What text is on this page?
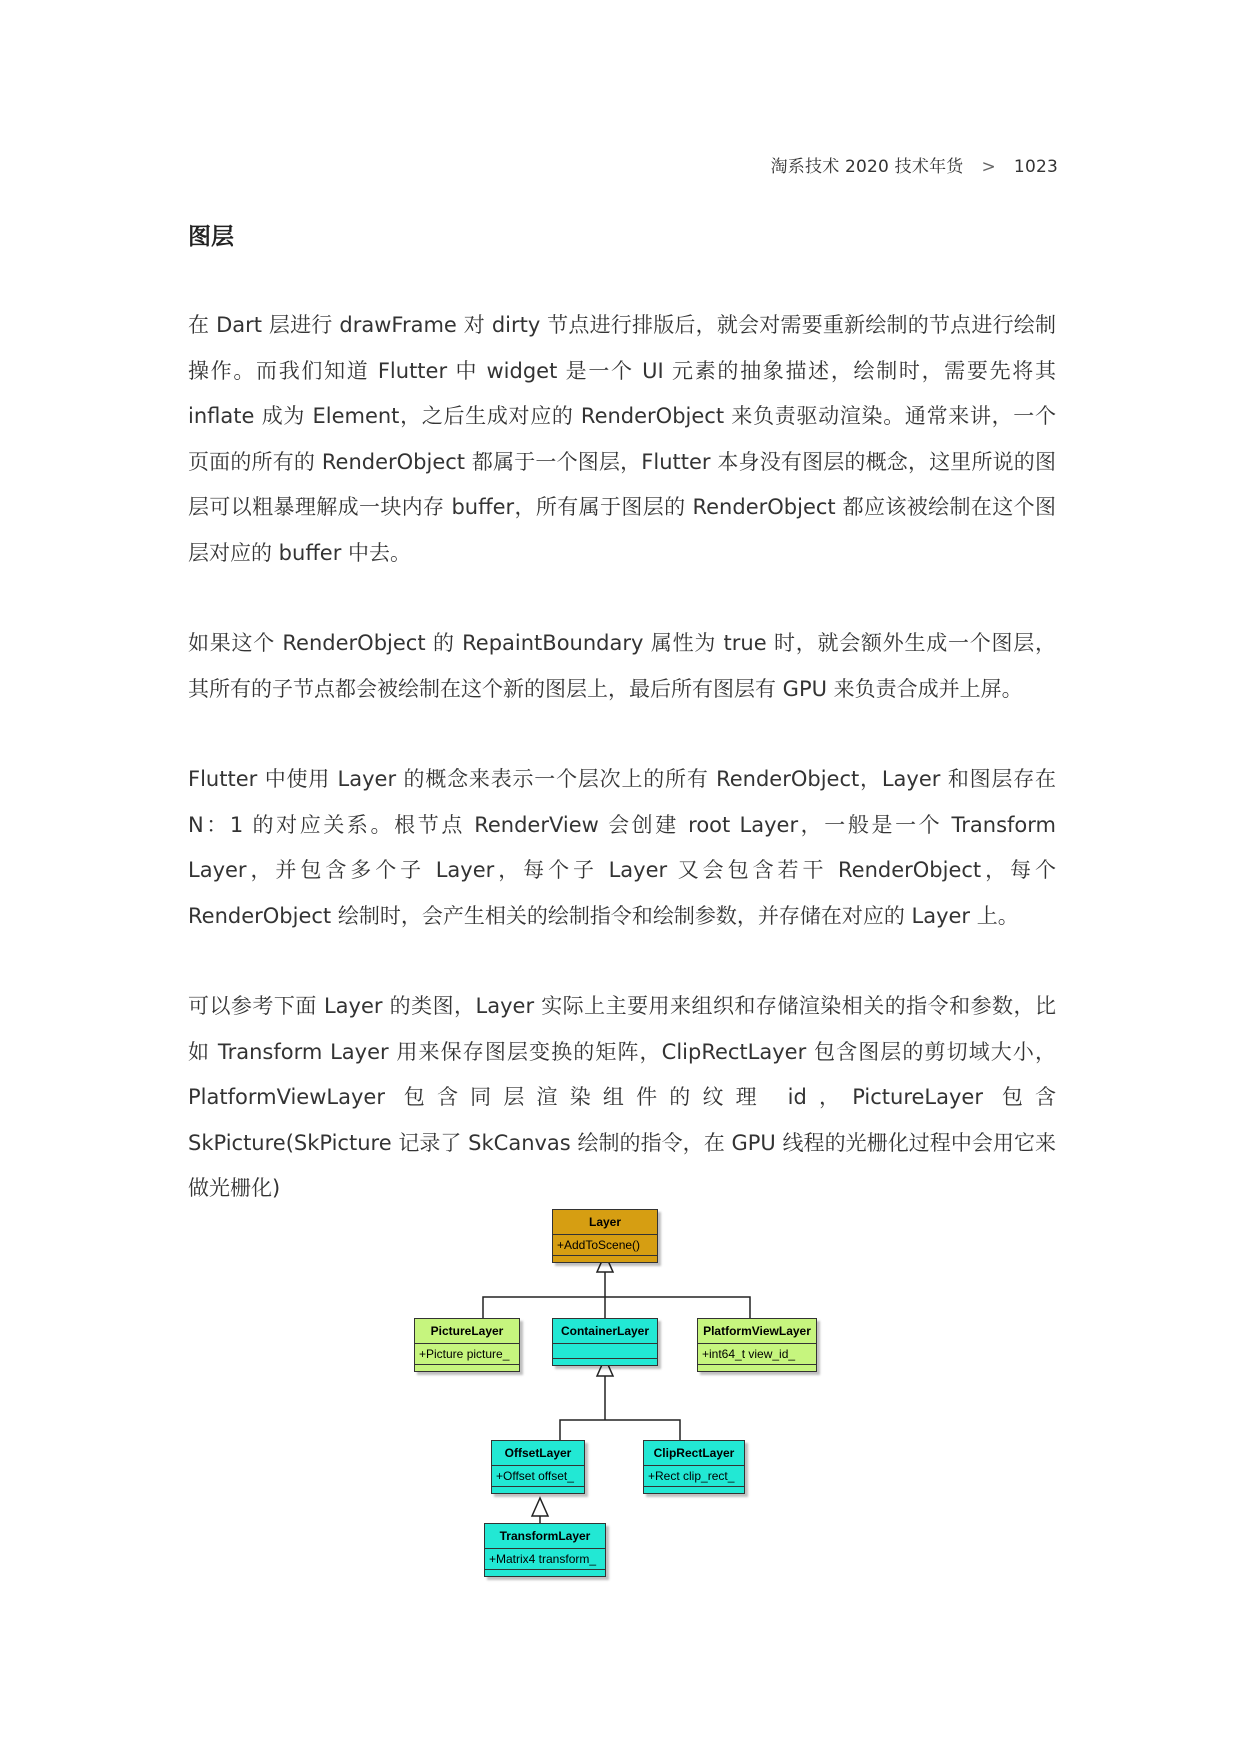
淘系技术 2020 技术年货 > 1023
图层

在 Dart 层进行 drawFrame 对 dirty 节点进行排版后，就会对需要重新绘制的节点进行绘制操作。而我们知道 Flutter 中 widget 是一个 UI 元素的抽象描述，绘制时，需要先将其 inflate 成为 Element，之后生成对应的 RenderObject 来负责驱动渲染。通常来讲，一个页面的所有的 RenderObject 都属于一个图层，Flutter 本身没有图层的概念，这里所说的图层可以粗暴理解成一块内存 buffer，所有属于图层的 RenderObject 都应该被绘制在这个图层对应的 buffer 中去。

如果这个 RenderObject 的 RepaintBoundary 属性为 true 时，就会额外生成一个图层，其所有的子节点都会被绘制在这个新的图层上，最后所有图层有 GPU 来负责合成并上屏。

Flutter 中使用 Layer 的概念来表示一个层次上的所有 RenderObject，Layer 和图层存在 N：1 的对应关系。根节点 RenderView 会创建 root Layer，一般是一个 Transform Layer，并包含多个子 Layer，每个子 Layer 又会包含若干 RenderObject，每个 RenderObject 绘制时，会产生相关的绘制指令和绘制参数，并存储在对应的 Layer 上。

可以参考下面 Layer 的类图，Layer 实际上主要用来组织和存储渲染相关的指令和参数，比如 Transform Layer 用来保存图层变换的矩阵，ClipRectLayer 包含图层的剪切域大小，PlatformViewLayer 包含同层渲染组件的纹理 id，PictureLayer 包含 SkPicture(SkPicture 记录了 SkCanvas 绘制的指令，在 GPU 线程的光栅化过程中会用它来做光栅化)

Layer
+AddToScene()
PictureLayer
+Picture picture_
ContainerLayer	PlatformViewLayer
+int64_t view_id_
OffsetLayer
+Offset offset_
ClipRectLayer
+Rect clip_rect_
TransformLayer
+Matrix4 transform_
